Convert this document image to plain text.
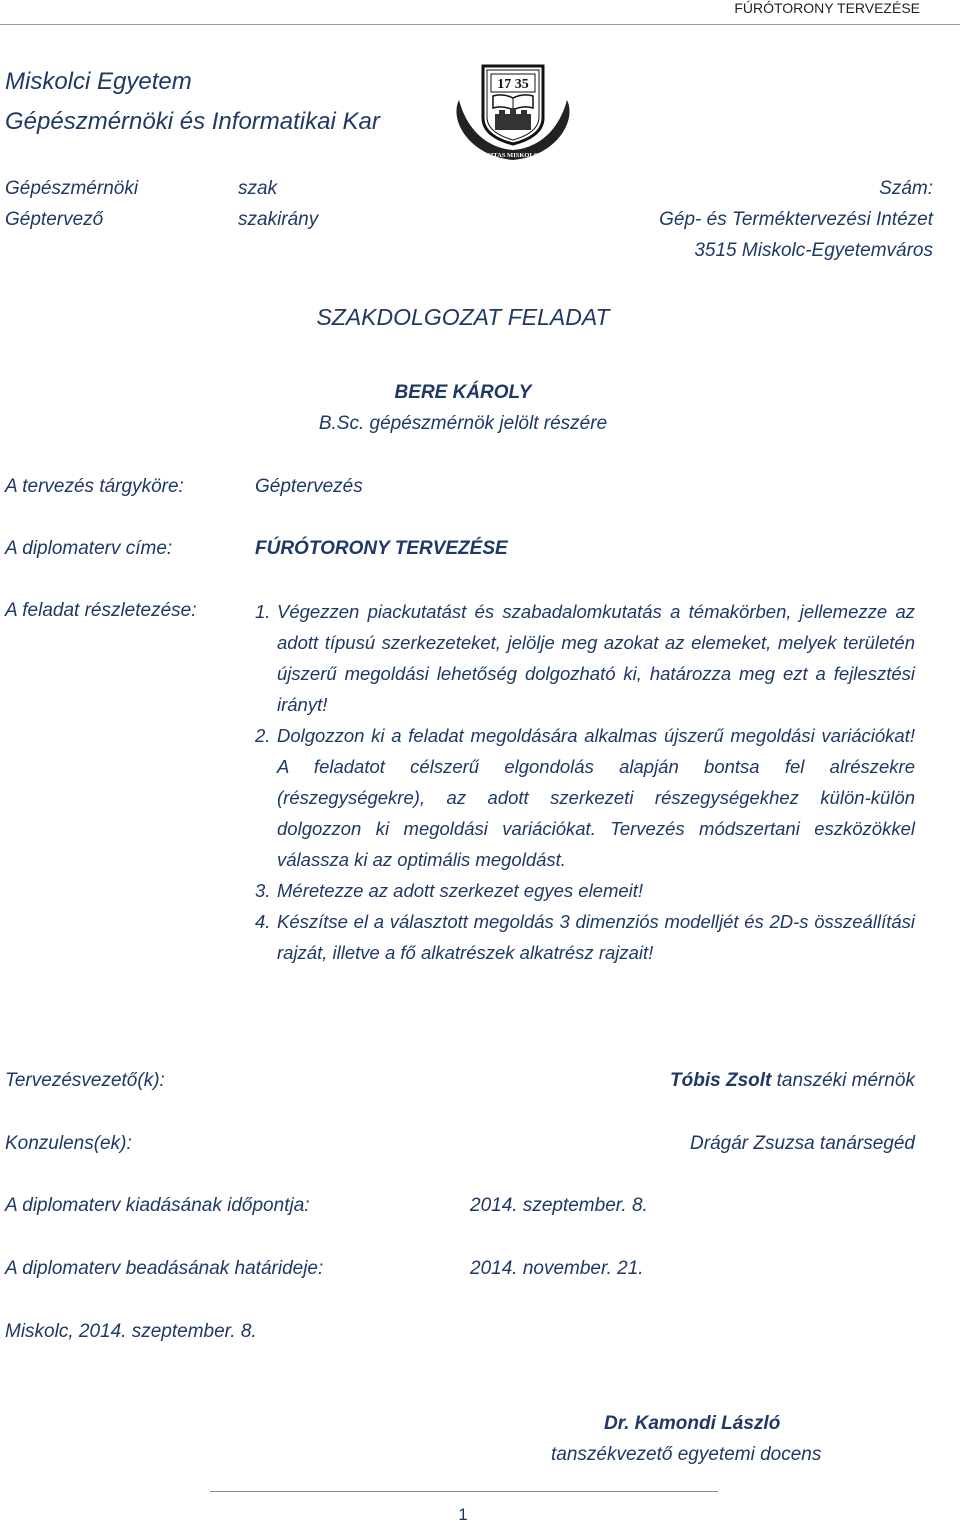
FÚRÓTORONY TERVEZÉSE
Miskolci Egyetem
Gépészmérnöki és Informatikai Kar
17 35
UNIVERSITAS MISKOLCINENSIS
Gépészmérnöki	szak	Szám:
Géptervező	szakirány	Gép- és Terméktervezési Intézet
3515 Miskolc-Egyetemváros
SZAKDOLGOZAT FELADAT
BERE KÁROLY
B.Sc. gépészmérnök jelölt részére
A tervezés tárgyköre:	Géptervezés
A diplomaterv címe:	FÚRÓTORONY TERVEZÉSE
A feladat részletezése:	1. Végezzen piackutatást és szabadalomkutatás a témakörben, jellemezze az adott típusú szerkezeteket, jelölje meg azokat az elemeket, melyek területén újszerű megoldási lehetőség dolgozható ki, határozza meg ezt a fejlesztési irányt!
2. Dolgozzon ki a feladat megoldására alkalmas újszerű megoldási variációkat! A feladatot célszerű elgondolás alapján bontsa fel alrészekre (részegységekre), az adott szerkezeti részegységekhez külön-külön dolgozzon ki megoldási variációkat. Tervezés módszertani eszközökkel válassza ki az optimális megoldást.
3. Méretezze az adott szerkezet egyes elemeit!
4. Készítse el a választott megoldás 3 dimenziós modelljét és 2D-s összeállítási rajzát, illetve a fő alkatrészek alkatrész rajzait!
Tervezésvezető(k):	Tóbis Zsolt tanszéki mérnök
Konzulens(ek):	Drágár Zsuzsa tanársegéd
A diplomaterv kiadásának időpontja:	2014. szeptember. 8.
A diplomaterv beadásának határideje:	2014. november. 21.
Miskolc, 2014. szeptember. 8.
Dr. Kamondi László
tanszékvezető egyetemi docens
1
